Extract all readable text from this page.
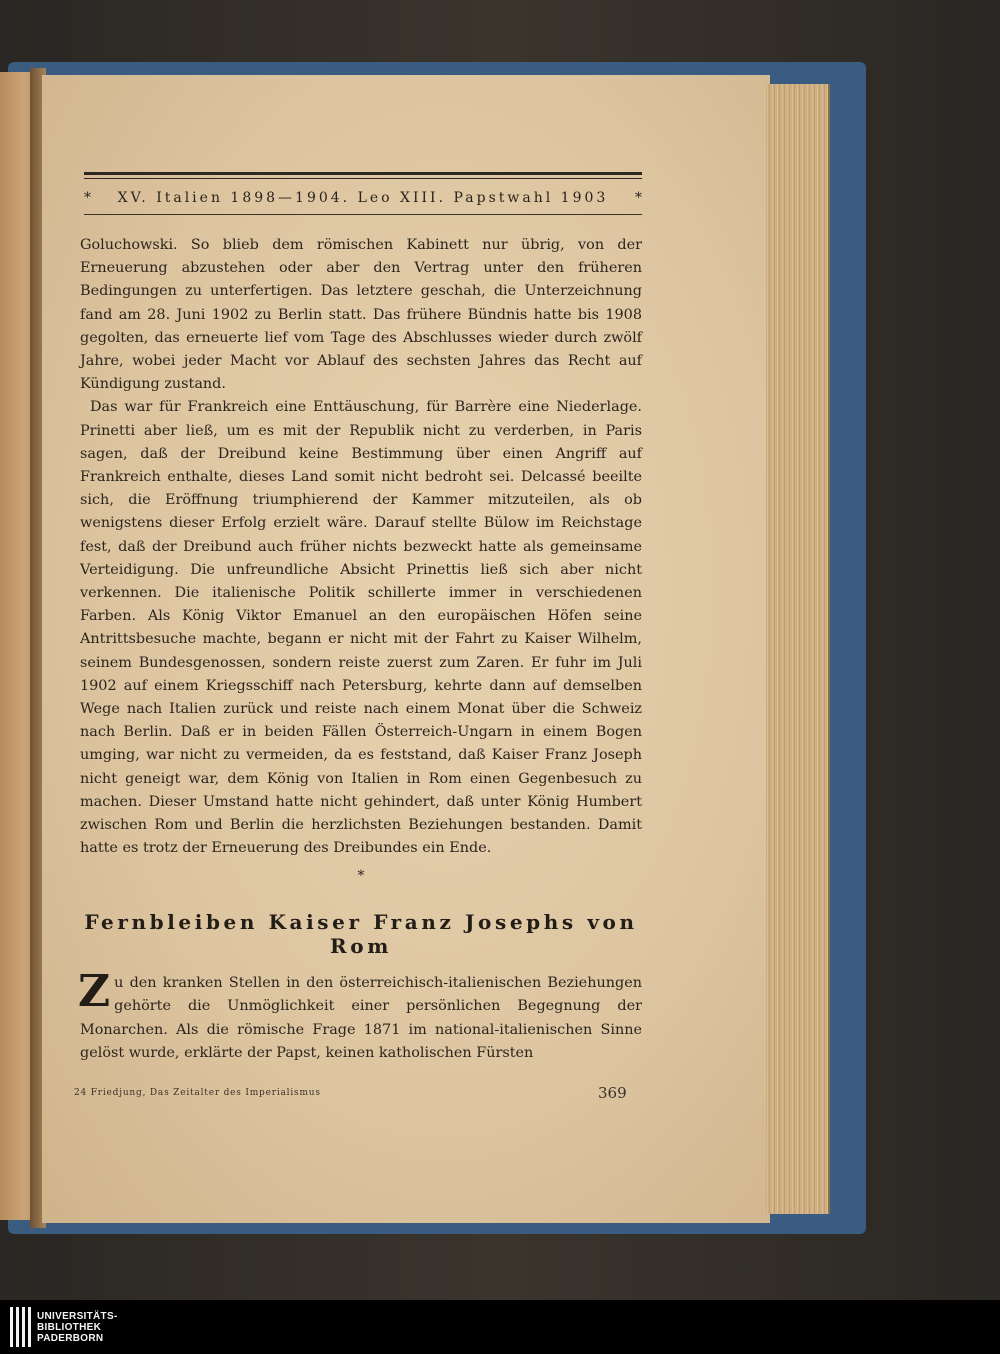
* XV. Italien 1898—1904. Leo XIII. Papstwahl 1903 *

Goluchowski. So blieb dem römischen Kabinett nur übrig, von der Erneuerung abzustehen oder aber den Vertrag unter den früheren Bedingungen zu unterfertigen. Das letztere geschah, die Unterzeichnung fand am 28. Juni 1902 zu Berlin statt. Das frühere Bündnis hatte bis 1908 gegolten, das erneuerte lief vom Tage des Abschlusses wieder durch zwölf Jahre, wobei jeder Macht vor Ablauf des sechsten Jahres das Recht auf Kündigung zustand.

Das war für Frankreich eine Enttäuschung, für Barrère eine Niederlage. Prinetti aber ließ, um es mit der Republik nicht zu verderben, in Paris sagen, daß der Dreibund keine Bestimmung über einen Angriff auf Frankreich enthalte, dieses Land somit nicht bedroht sei. Delcassé beeilte sich, die Eröffnung triumphierend der Kammer mitzuteilen, als ob wenigstens dieser Erfolg erzielt wäre. Darauf stellte Bülow im Reichstage fest, daß der Dreibund auch früher nichts bezweckt hatte als gemeinsame Verteidigung. Die unfreundliche Absicht Prinettis ließ sich aber nicht verkennen. Die italienische Politik schillerte immer in verschiedenen Farben. Als König Viktor Emanuel an den europäischen Höfen seine Antrittsbesuche machte, begann er nicht mit der Fahrt zu Kaiser Wilhelm, seinem Bundesgenossen, sondern reiste zuerst zum Zaren. Er fuhr im Juli 1902 auf einem Kriegsschiff nach Petersburg, kehrte dann auf demselben Wege nach Italien zurück und reiste nach einem Monat über die Schweiz nach Berlin. Daß er in beiden Fällen Österreich-Ungarn in einem Bogen umging, war nicht zu vermeiden, da es feststand, daß Kaiser Franz Joseph nicht geneigt war, dem König von Italien in Rom einen Gegenbesuch zu machen. Dieser Umstand hatte nicht gehindert, daß unter König Humbert zwischen Rom und Berlin die herzlichsten Beziehungen bestanden. Damit hatte es trotz der Erneuerung des Dreibundes ein Ende.

*
Fernbleiben Kaiser Franz Josephs von Rom

Zu den kranken Stellen in den österreichisch-italienischen Beziehungen gehörte die Unmöglichkeit einer persönlichen Begegnung der Monarchen. Als die römische Frage 1871 im national-italienischen Sinne gelöst wurde, erklärte der Papst, keinen katholischen Fürsten

24 Friedjung, Das Zeitalter des Imperialismus	369
UNIVERSITÄTS-
BIBLIOTHEK
PADERBORN
